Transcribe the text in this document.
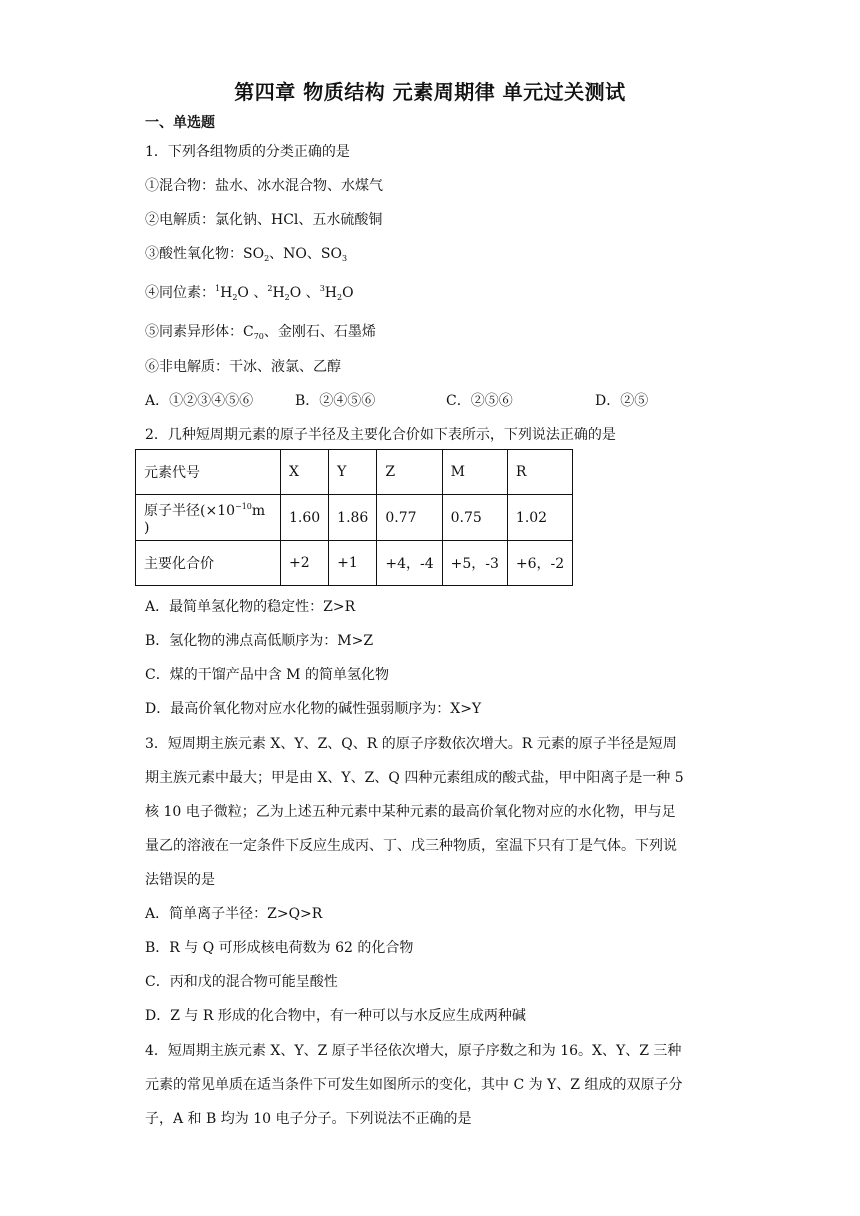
第四章 物质结构 元素周期律 单元过关测试
一、单选题
1．下列各组物质的分类正确的是
①混合物：盐水、冰水混合物、水煤气
②电解质：氯化钠、HCl、五水硫酸铜
③酸性氧化物：$SO_2$、NO、$SO_3$
④同位素：$^1H_2O$ 、$^2H_2O$ 、$^3H_2O$
⑤同素异形体：$C_{70}$、金刚石、石墨烯
⑥非电解质：干冰、液氯、乙醇
A．①②③④⑤⑥	B．②④⑤⑥	C．②⑤⑥	D．②⑤
2．几种短周期元素的原子半径及主要化合价如下表所示，下列说法正确的是
元素代号	X	Y	Z	M	R
原子半径($\times 10^{-10}m$ )	1.60	1.86	0.77	0.75	1.02
主要化合价	+2	+1	+4，-4	+5，-3	+6，-2
A．最简单氢化物的稳定性：Z>R
B．氢化物的沸点高低顺序为：M>Z
C．煤的干馏产品中含 M 的简单氢化物
D．最高价氧化物对应水化物的碱性强弱顺序为：X>Y
3．短周期主族元素 X、Y、Z、Q、R 的原子序数依次增大。R 元素的原子半径是短周
期主族元素中最大；甲是由 X、Y、Z、Q 四种元素组成的酸式盐，甲中阳离子是一种 5
核 10 电子微粒；乙为上述五种元素中某种元素的最高价氧化物对应的水化物，甲与足
量乙的溶液在一定条件下反应生成丙、丁、戊三种物质，室温下只有丁是气体。下列说
法错误的是
A．简单离子半径：Z>Q>R
B．R 与 Q 可形成核电荷数为 62 的化合物
C．丙和戊的混合物可能呈酸性
D．Z 与 R 形成的化合物中，有一种可以与水反应生成两种碱
4．短周期主族元素 X、Y、Z 原子半径依次增大，原子序数之和为 16。X、Y、Z 三种
元素的常见单质在适当条件下可发生如图所示的变化，其中 C 为 Y、Z 组成的双原子分
子，A 和 B 均为 10 电子分子。下列说法不正确的是
